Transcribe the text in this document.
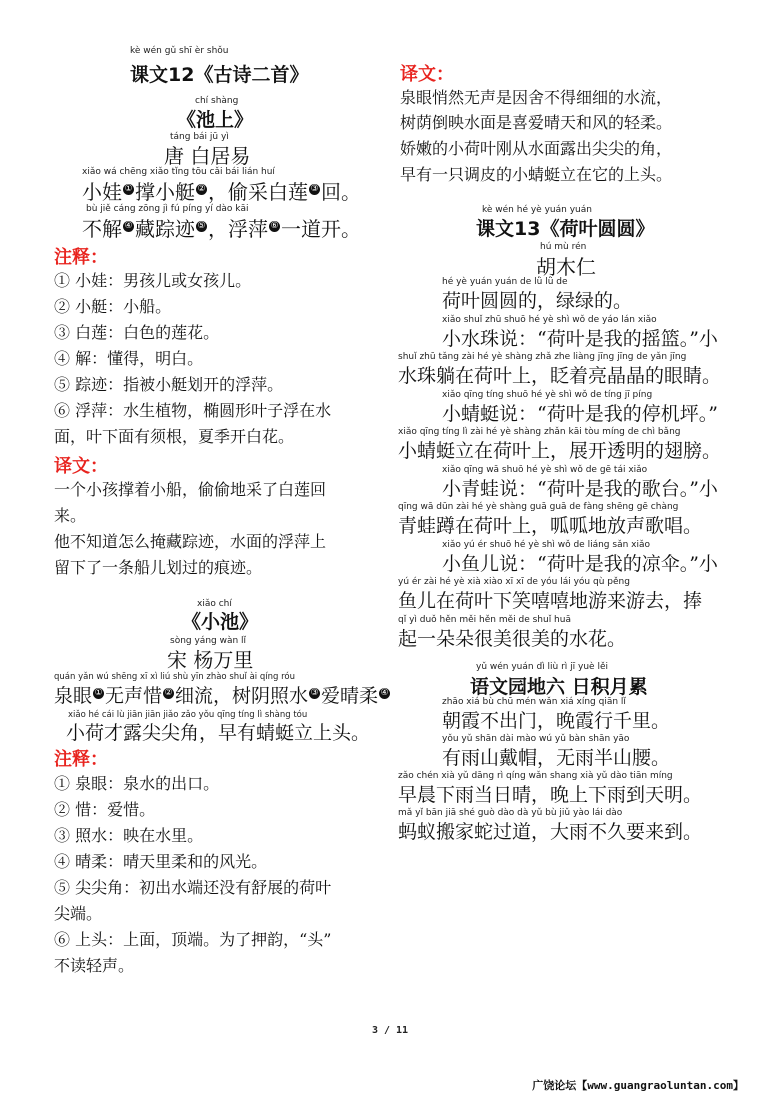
kè wén gǔ shī èr shǒu
课文12《古诗二首》
chí shàng
《池上》
táng bái jū yì
唐 白居易
xiǎo wá chēng xiǎo tǐng tōu cǎi bái lián huí
小娃 ① 撑小艇 ② ，偷采白莲 ③ 回。
bù jiě cáng zōng jì fú píng yí dào kāi
不解 ④ 藏踪迹 ⑤ ，浮萍 ⑥ 一道开。
注释：
① 小娃：男孩儿或女孩儿。
② 小艇：小船。
③ 白莲：白色的莲花。
④ 解：懂得，明白。
⑤ 踪迹：指被小艇划开的浮萍。
⑥ 浮萍：水生植物，椭圆形叶子浮在水
面，叶下面有须根，夏季开白花。
译文：
一个小孩撑着小船，偷偷地采了白莲回
来。
他不知道怎么掩藏踪迹，水面的浮萍上
留下了一条船儿划过的痕迹。
xiǎo chí
《小池》
sòng yáng wàn lǐ
宋 杨万里
quán yǎn wú shēng xī xì liú shù yīn zhào shuǐ ài qíng róu
泉眼 ① 无声惜 ② 细流，树阴照水 ③ 爱晴柔 ④
xiǎo hé cái lù jiān jiān jiǎo zǎo yǒu qīng tíng lì shàng tóu
小荷才露尖尖角，早有蜻蜓立上头。
注释：
① 泉眼：泉水的出口。
② 惜：爱惜。
③ 照水：映在水里。
④ 晴柔：晴天里柔和的风光。
⑤ 尖尖角：初出水端还没有舒展的荷叶
尖端。
⑥ 上头：上面，顶端。为了押韵，“头”
不读轻声。
译文：
泉眼悄然无声是因舍不得细细的水流，
树荫倒映水面是喜爱晴天和风的轻柔。
娇嫩的小荷叶刚从水面露出尖尖的角，
早有一只调皮的小蜻蜓立在它的上头。
kè wén hé yè yuán yuán
课文13《荷叶圆圆》
hú mù rén
胡木仁
hé yè yuán yuán de lǜ lǜ de
荷叶圆圆的，绿绿的。
xiǎo shuǐ zhū shuō hé yè shì wǒ de yáo lán xiǎo
小水珠说：“荷叶是我的摇篮。”小
shuǐ zhū tǎng zài hé yè shàng zhǎ zhe liàng jīng jīng de yǎn jīng
水珠躺在荷叶上，眨着亮晶晶的眼睛。
xiǎo qīng tíng shuō hé yè shì wǒ de tíng jī píng
小蜻蜓说：“荷叶是我的停机坪。”
xiǎo qīng tíng lì zài hé yè shàng zhǎn kāi tòu míng de chì bǎng
小蜻蜓立在荷叶上，展开透明的翅膀。
xiǎo qīng wā shuō hé yè shì wǒ de gē tái xiǎo
小青蛙说：“荷叶是我的歌台。”小
qīng wā dūn zài hé yè shàng guā guā de fàng shēng gē chàng
青蛙蹲在荷叶上，呱呱地放声歌唱。
xiǎo yú ér shuō hé yè shì wǒ de liáng sǎn xiǎo
小鱼儿说：“荷叶是我的凉伞。”小
yú ér zài hé yè xià xiào xī xī de yóu lái yóu qù pěng
鱼儿在荷叶下笑嘻嘻地游来游去，捧
qǐ yì duǒ hěn měi hěn měi de shuǐ huā
起一朵朵很美很美的水花。
yǔ wén yuán dì liù rì jī yuè lěi
语文园地六 日积月累
zhāo xiá bù chū mén wǎn xiá xíng qiān lǐ
朝霞不出门，晚霞行千里。
yǒu yǔ shān dài mào wú yǔ bàn shān yāo
有雨山戴帽，无雨半山腰。
zǎo chén xià yǔ dāng rì qíng wǎn shang xià yǔ dào tiān míng
早晨下雨当日晴，晚上下雨到天明。
mǎ yǐ bān jiā shé guò dào dà yǔ bù jiǔ yào lái dào
蚂蚁搬家蛇过道，大雨不久要来到。
3 / 11
广饶论坛【www.guangraoluntan.com】
